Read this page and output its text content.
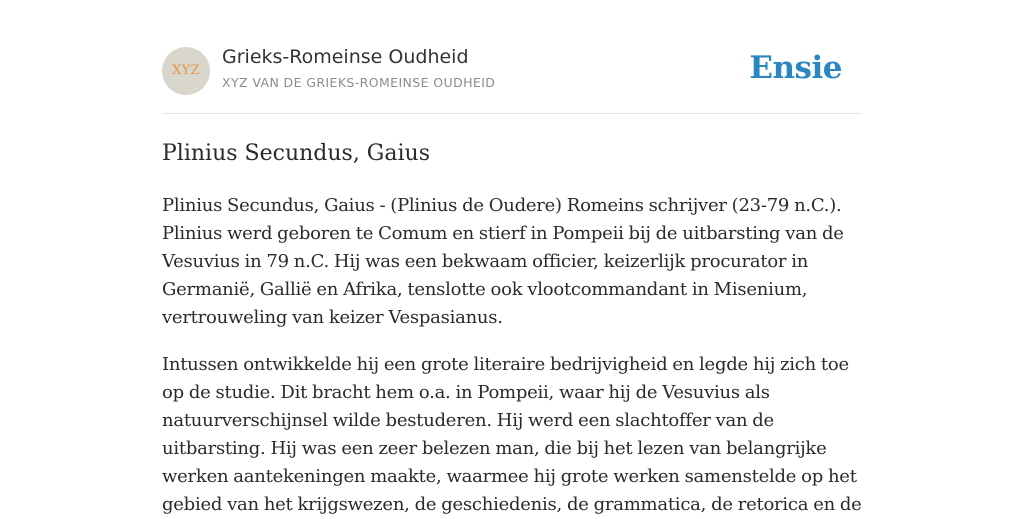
XYZ
Grieks-Romeinse Oudheid
XYZ VAN DE GRIEKS-ROMEINSE OUDHEID	Ensie
Plinius Secundus, Gaius

Plinius Secundus, Gaius - (Plinius de Oudere) Romeins schrijver (23-79 n.C.). Plinius werd geboren te Comum en stierf in Pompeii bij de uitbarsting van de Vesuvius in 79 n.C. Hij was een bekwaam officier, keizerlijk procurator in Germanië, Gallië en Afrika, tenslotte ook vlootcommandant in Misenium, vertrouweling van keizer Vespasianus.

Intussen ontwikkelde hij een grote literaire bedrijvigheid en legde hij zich toe op de studie. Dit bracht hem o.a. in Pompeii, waar hij de Vesuvius als natuurverschijnsel wilde bestuderen. Hij werd een slachtoffer van de uitbarsting. Hij was een zeer belezen man, die bij het lezen van belangrijke werken aantekeningen maakte, waarmee hij grote werken samenstelde op het gebied van het krijgswezen, de geschiedenis, de grammatica, de retorica en de
